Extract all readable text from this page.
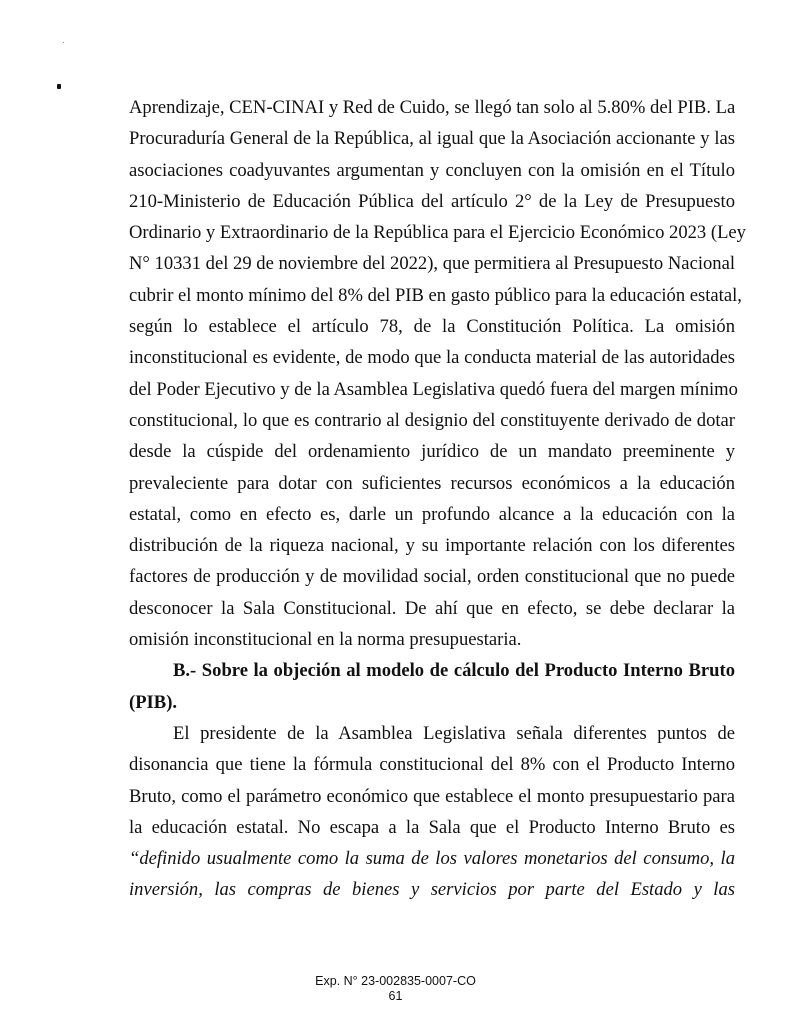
Aprendizaje, CEN-CINAI y Red de Cuido, se llegó tan solo al 5.80% del PIB. La
Procuraduría General de la República, al igual que la Asociación accionante y las
asociaciones coadyuvantes argumentan y concluyen con la omisión en el Título
210-Ministerio de Educación Pública del artículo 2° de la Ley de Presupuesto
Ordinario y Extraordinario de la República para el Ejercicio Económico 2023 (Ley
N° 10331 del 29 de noviembre del 2022), que permitiera al Presupuesto Nacional
cubrir el monto mínimo del 8% del PIB en gasto público para la educación estatal,
según lo establece el artículo 78, de la Constitución Política. La omisión
inconstitucional es evidente, de modo que la conducta material de las autoridades
del Poder Ejecutivo y de la Asamblea Legislativa quedó fuera del margen mínimo
constitucional, lo que es contrario al designio del constituyente derivado de dotar
desde la cúspide del ordenamiento jurídico de un mandato preeminente y
prevaleciente para dotar con suficientes recursos económicos a la educación
estatal, como en efecto es, darle un profundo alcance a la educación con la
distribución de la riqueza nacional, y su importante relación con los diferentes
factores de producción y de movilidad social, orden constitucional que no puede
desconocer la Sala Constitucional. De ahí que en efecto, se debe declarar la
omisión inconstitucional en la norma presupuestaria.
B.- Sobre la objeción al modelo de cálculo del Producto Interno Bruto
(PIB).
El presidente de la Asamblea Legislativa señala diferentes puntos de
disonancia que tiene la fórmula constitucional del 8% con el Producto Interno
Bruto, como el parámetro económico que establece el monto presupuestario para
la educación estatal. No escapa a la Sala que el Producto Interno Bruto es
“definido usualmente como la suma de los valores monetarios del consumo, la
inversión, las compras de bienes y servicios por parte del Estado y las
Exp. N° 23-002835-0007-CO
61
